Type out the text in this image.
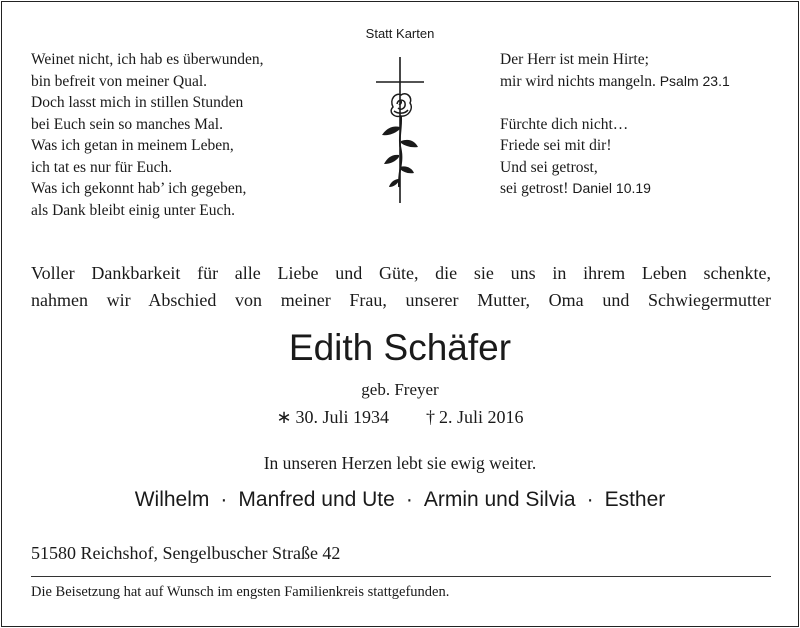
Statt Karten
Weinet nicht, ich hab es überwunden,
bin befreit von meiner Qual.
Doch lasst mich in stillen Stunden
bei Euch sein so manches Mal.
Was ich getan in meinem Leben,
ich tat es nur für Euch.
Was ich gekonnt hab’ ich gegeben,
als Dank bleibt einig unter Euch.
Der Herr ist mein Hirte;
mir wird nichts mangeln. Psalm 23.1
Fürchte dich nicht…
Friede sei mit dir!
Und sei getrost,
sei getrost! Daniel 10.19
Voller Dankbarkeit für alle Liebe und Güte, die sie uns in ihrem Leben schenkte,
nahmen wir Abschied von meiner Frau, unserer Mutter, Oma und Schwiegermutter
Edith Schäfer
geb. Freyer
∗ 30. Juli 1934 † 2. Juli 2016
In unseren Herzen lebt sie ewig weiter.
Wilhelm · Manfred und Ute · Armin und Silvia · Esther
51580 Reichshof, Sengelbuscher Straße 42
Die Beisetzung hat auf Wunsch im engsten Familienkreis stattgefunden.
